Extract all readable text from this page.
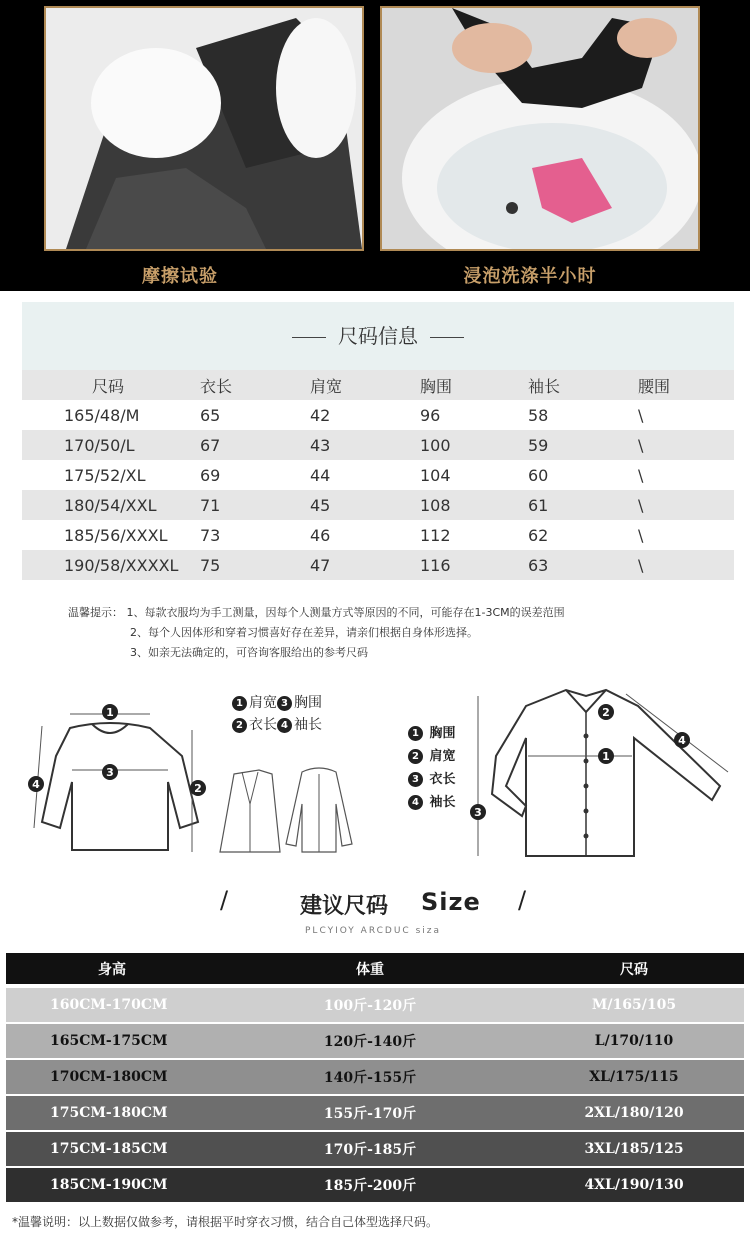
摩擦试验	浸泡洗涤半小时
尺码信息
尺码	衣长	肩宽	胸围	袖长	腰围
165/48/M	65	42	96	58	\
170/50/L	67	43	100	59	\
175/52/XL	69	44	104	60	\
180/54/XXL	71	45	108	61	\
185/56/XXXL	73	46	112	62	\
190/58/XXXXL	75	47	116	63	\
温馨提示： 1、每款衣服均为手工测量，因每个人测量方式等原因的不同，可能存在1-3CM的误差范围
2、每个人因体形和穿着习惯喜好存在差异，请亲们根据自身体形选择。
3、如亲无法确定的，可咨询客服给出的参考尺码
1
3
2
4
1 肩宽 3 胸围
2 衣长 4 袖长
1
2
3
4
1 胸围
2 肩宽
3 衣长
4 袖长
/	建议尺码 Size /
PLCYIOY ARCDUC siza
身高	体重	尺码
160CM-170CM	100斤-120斤	M/165/105
165CM-175CM	120斤-140斤	L/170/110
170CM-180CM	140斤-155斤	XL/175/115
175CM-180CM	155斤-170斤	2XL/180/120
175CM-185CM	170斤-185斤	3XL/185/125
185CM-190CM	185斤-200斤	4XL/190/130
*温馨说明：以上数据仅做参考，请根据平时穿衣习惯，结合自己体型选择尺码。
